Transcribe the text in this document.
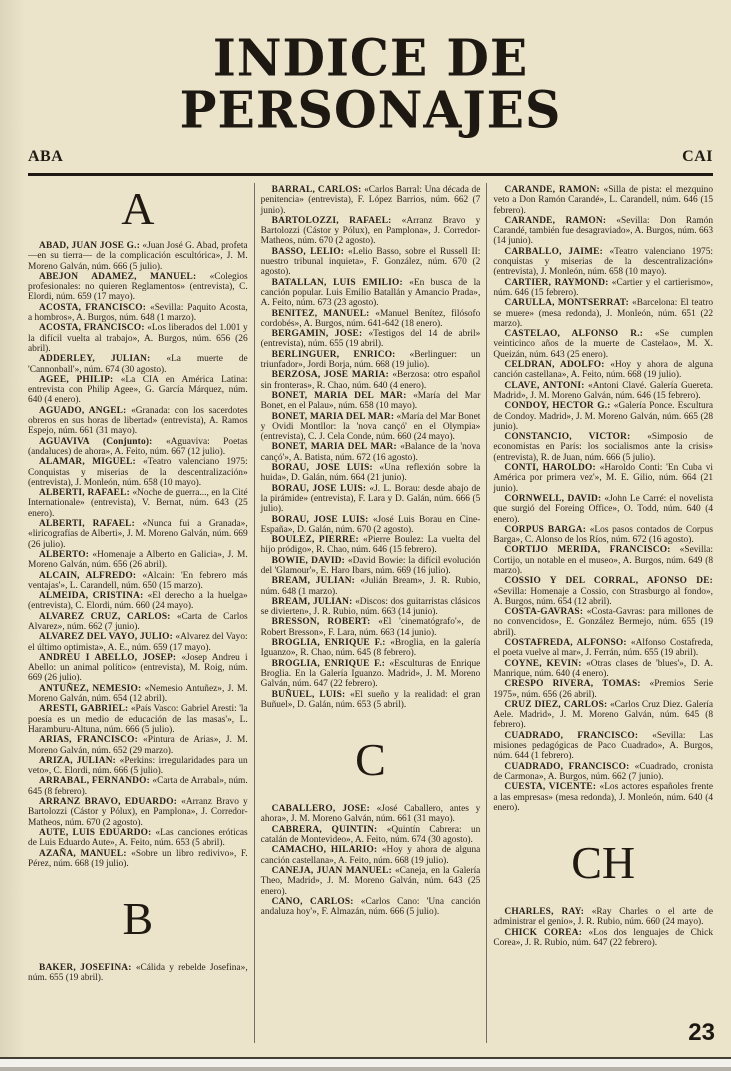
INDICE DE
PERSONAJES
ABA	CAI
A

ABAD, JUAN JOSE G.: «Juan José G. Abad, profeta —en su tierra— de la complicación escultórica», J. M. Moreno Galván, núm. 666 (5 julio).

ABEJON ADAMEZ, MANUEL: «Colegios profesionales: no quieren Reglamentos» (entrevista), C. Elordi, núm. 659 (17 mayo).

ACOSTA, FRANCISCO: «Sevilla: Paquito Acosta, a hombros», A. Burgos, núm. 648 (1 marzo).

ACOSTA, FRANCISCO: «Los liberados del 1.001 y la difícil vuelta al trabajo», A. Burgos, núm. 656 (26 abril).

ADDERLEY, JULIAN: «La muerte de 'Cannonball'», núm. 674 (30 agosto).

AGEE, PHILIP: «La CIA en América Latina: entrevista con Philip Agee», G. García Márquez, núm. 640 (4 enero).

AGUADO, ANGEL: «Granada: con los sacerdotes obreros en sus horas de libertad» (entrevista), A. Ramos Espejo, núm. 661 (31 mayo).

AGUAVIVA (Conjunto): «Aguaviva: Poetas (andaluces) de ahora», A. Feito, núm. 667 (12 julio).

ALAMAR, MIGUEL: «Teatro valenciano 1975: Conquistas y miserias de la descentralización» (entrevista), J. Monleón, núm. 658 (10 mayo).

ALBERTI, RAFAEL: «Noche de guerra..., en la Cité Internationale» (entrevista), V. Bernat, núm. 643 (25 enero).

ALBERTI, RAFAEL: «Nunca fui a Granada», «liricografías de Alberti», J. M. Moreno Galván, núm. 669 (26 julio).

ALBERTO: «Homenaje a Alberto en Galicia», J. M. Moreno Galván, núm. 656 (26 abril).

ALCAIN, ALFREDO: «Alcain: 'En febrero más ventajas'», L. Carandell, núm. 650 (15 marzo).

ALMEIDA, CRISTINA: «El derecho a la huelga» (entrevista), C. Elordi, núm. 660 (24 mayo).

ALVAREZ CRUZ, CARLOS: «Carta de Carlos Alvarez», núm. 662 (7 junio).

ALVAREZ DEL VAYO, JULIO: «Alvarez del Vayo: el último optimista», A. E., núm. 659 (17 mayo).

ANDREU I ABELLO, JOSEP: «Josep Andreu i Abello: un animal político» (entrevista), M. Roig, núm. 669 (26 julio).

ANTUÑEZ, NEMESIO: «Nemesio Antuñez», J. M. Moreno Galván, núm. 654 (12 abril).

ARESTI, GABRIEL: «País Vasco: Gabriel Aresti: 'la poesía es un medio de educación de las masas'», L. Haramburu-Altuna, núm. 666 (5 julio).

ARIAS, FRANCISCO: «Pintura de Arias», J. M. Moreno Galván, núm. 652 (29 marzo).

ARIZA, JULIAN: «Perkins: irregularidades para un veto», C. Elordi, núm. 666 (5 julio).

ARRABAL, FERNANDO: «Carta de Arrabal», núm. 645 (8 febrero).

ARRANZ BRAVO, EDUARDO: «Arranz Bravo y Bartolozzi (Cástor y Pólux), en Pamplona», J. Corredor-Matheos, núm. 670 (2 agosto).

AUTE, LUIS EDUARDO: «Las canciones eróticas de Luis Eduardo Aute», A. Feito, núm. 653 (5 abril).

AZAÑA, MANUEL: «Sobre un libro redivivo», F. Pérez, núm. 668 (19 julio).

B

BAKER, JOSEFINA: «Cálida y rebelde Josefina», núm. 655 (19 abril).

BARRAL, CARLOS: «Carlos Barral: Una década de penitencia» (entrevista), F. López Barrios, núm. 662 (7 junio).

BARTOLOZZI, RAFAEL: «Arranz Bravo y Bartolozzi (Cástor y Pólux), en Pamplona», J. Corredor-Matheos, núm. 670 (2 agosto).

BASSO, LELIO: «Lelio Basso, sobre el Russell II: nuestro tribunal inquieta», F. González, núm. 670 (2 agosto).

BATALLAN, LUIS EMILIO: «En busca de la canción popular. Luis Emilio Batallán y Amancio Prada», A. Feito, núm. 673 (23 agosto).

BENITEZ, MANUEL: «Manuel Benítez, filósofo cordobés», A. Burgos, núm. 641-642 (18 enero).

BERGAMIN, JOSE: «Testigos del 14 de abril» (entrevista), núm. 655 (19 abril).

BERLINGUER, ENRICO: «Berlinguer: un triunfador», Jordi Borja, núm. 668 (19 julio).

BERZOSA, JOSE MARIA: «Berzosa: otro español sin fronteras», R. Chao, núm. 640 (4 enero).

BONET, MARIA DEL MAR: «María del Mar Bonet, en el Palau», núm. 658 (10 mayo).

BONET, MARIA DEL MAR: «María del Mar Bonet y Ovidi Montllor: la 'nova cançó' en el Olympia» (entrevista), C. J. Cela Conde, núm. 660 (24 mayo).

BONET, MARIA DEL MAR: «Balance de la 'nova cançó'», A. Batista, núm. 672 (16 agosto).

BORAU, JOSE LUIS: «Una reflexión sobre la huida», D. Galán, núm. 664 (21 junio).

BORAU, JOSE LUIS: «J. L. Borau: desde abajo de la pirámide» (entrevista), F. Lara y D. Galán, núm. 666 (5 julio).

BORAU, JOSE LUIS: «José Luis Borau en Cine-España», D. Galán, núm. 670 (2 agosto).

BOULEZ, PIERRE: «Pierre Boulez: La vuelta del hijo pródigo», R. Chao, núm. 646 (15 febrero).

BOWIE, DAVID: «David Bowie: la difícil evolución del 'Glamour'», E. Haro Ibars, núm. 669 (16 julio).

BREAM, JULIAN: «Julián Bream», J. R. Rubio, núm. 648 (1 marzo).

BREAM, JULIAN: «Discos: dos guitarristas clásicos se divierten», J. R. Rubio, núm. 663 (14 junio).

BRESSON, ROBERT: «El 'cinematógrafo'», de Robert Bresson», F. Lara, núm. 663 (14 junio).

BROGLIA, ENRIQUE F.: «Broglia, en la galería Iguanzo», R. Chao, núm. 645 (8 febrero).

BROGLIA, ENRIQUE F.: «Esculturas de Enrique Broglia. En la Galería Iguanzo. Madrid», J. M. Moreno Galván, núm. 647 (22 febrero).

BUÑUEL, LUIS: «El sueño y la realidad: el gran Buñuel», D. Galán, núm. 653 (5 abril).

C

CABALLERO, JOSE: «José Caballero, antes y ahora», J. M. Moreno Galván, núm. 661 (31 mayo).

CABRERA, QUINTIN: «Quintín Cabrera: un catalán de Montevideo», A. Feito, núm. 674 (30 agosto).

CAMACHO, HILARIO: «Hoy y ahora de alguna canción castellana», A. Feito, núm. 668 (19 julio).

CANEJA, JUAN MANUEL: «Caneja, en la Galería Theo, Madrid», J. M. Moreno Galván, núm. 643 (25 enero).

CANO, CARLOS: «Carlos Cano: 'Una canción andaluza hoy'», F. Almazán, núm. 666 (5 julio).

CARANDE, RAMON: «Silla de pista: el mezquino veto a Don Ramón Carandé», L. Carandell, núm. 646 (15 febrero).

CARANDE, RAMON: «Sevilla: Don Ramón Carandé, también fue desagraviado», A. Burgos, núm. 663 (14 junio).

CARBALLO, JAIME: «Teatro valenciano 1975: conquistas y miserias de la descentralización» (entrevista), J. Monleón, núm. 658 (10 mayo).

CARTIER, RAYMOND: «Cartier y el cartierismo», núm. 646 (15 febrero).

CARULLA, MONTSERRAT: «Barcelona: El teatro se muere» (mesa redonda), J. Monleón, núm. 651 (22 marzo).

CASTELAO, ALFONSO R.: «Se cumplen veinticinco años de la muerte de Castelao», M. X. Queizán, núm. 643 (25 enero).

CELDRAN, ADOLFO: «Hoy y ahora de alguna canción castellana», A. Feito, núm. 668 (19 julio).

CLAVE, ANTONI: «Antoni Clavé. Galería Guereta. Madrid», J. M. Moreno Galván, núm. 646 (15 febrero).

CONDOY, HECTOR G.: «Galería Ponce. Escultura de Condoy. Madrid», J. M. Moreno Galván, núm. 665 (28 junio).

CONSTANCIO, VICTOR: «Simposio de economistas en París: los socialismos ante la crisis» (entrevista), R. de Juan, núm. 666 (5 julio).

CONTI, HAROLDO: «Haroldo Conti: 'En Cuba vi América por primera vez'», M. E. Gilio, núm. 664 (21 junio).

CORNWELL, DAVID: «John Le Carré: el novelista que surgió del Foreing Office», O. Todd, núm. 640 (4 enero).

CORPUS BARGA: «Los pasos contados de Corpus Barga», C. Alonso de los Ríos, núm. 672 (16 agosto).

CORTIJO MERIDA, FRANCISCO: «Sevilla: Cortijo, un notable en el museo», A. Burgos, núm. 649 (8 marzo).

COSSIO Y DEL CORRAL, AFONSO DE: «Sevilla: Homenaje a Cossio, con Strasburgo al fondo», A. Burgos, núm. 654 (12 abril).

COSTA-GAVRAS: «Costa-Gavras: para millones de no convencidos», E. González Bermejo, núm. 655 (19 abril).

COSTAFREDA, ALFONSO: «Alfonso Costafreda, el poeta vuelve al mar», J. Ferrán, núm. 655 (19 abril).

COYNE, KEVIN: «Otras clases de 'blues'», D. A. Manrique, núm. 640 (4 enero).

CRESPO RIVERA, TOMAS: «Premios Serie 1975», núm. 656 (26 abril).

CRUZ DIEZ, CARLOS: «Carlos Cruz Diez. Galería Aele. Madrid», J. M. Moreno Galván, núm. 645 (8 febrero).

CUADRADO, FRANCISCO: «Sevilla: Las misiones pedagógicas de Paco Cuadrado», A. Burgos, núm. 644 (1 febrero).

CUADRADO, FRANCISCO: «Cuadrado, cronista de Carmona», A. Burgos, núm. 662 (7 junio).

CUESTA, VICENTE: «Los actores españoles frente a las empresas» (mesa redonda), J. Monleón, núm. 640 (4 enero).

CH

CHARLES, RAY: «Ray Charles o el arte de administrar el genio», J. R. Rubio, núm. 660 (24 mayo).

CHICK COREA: «Los dos lenguajes de Chick Corea», J. R. Rubio, núm. 647 (22 febrero).

23
